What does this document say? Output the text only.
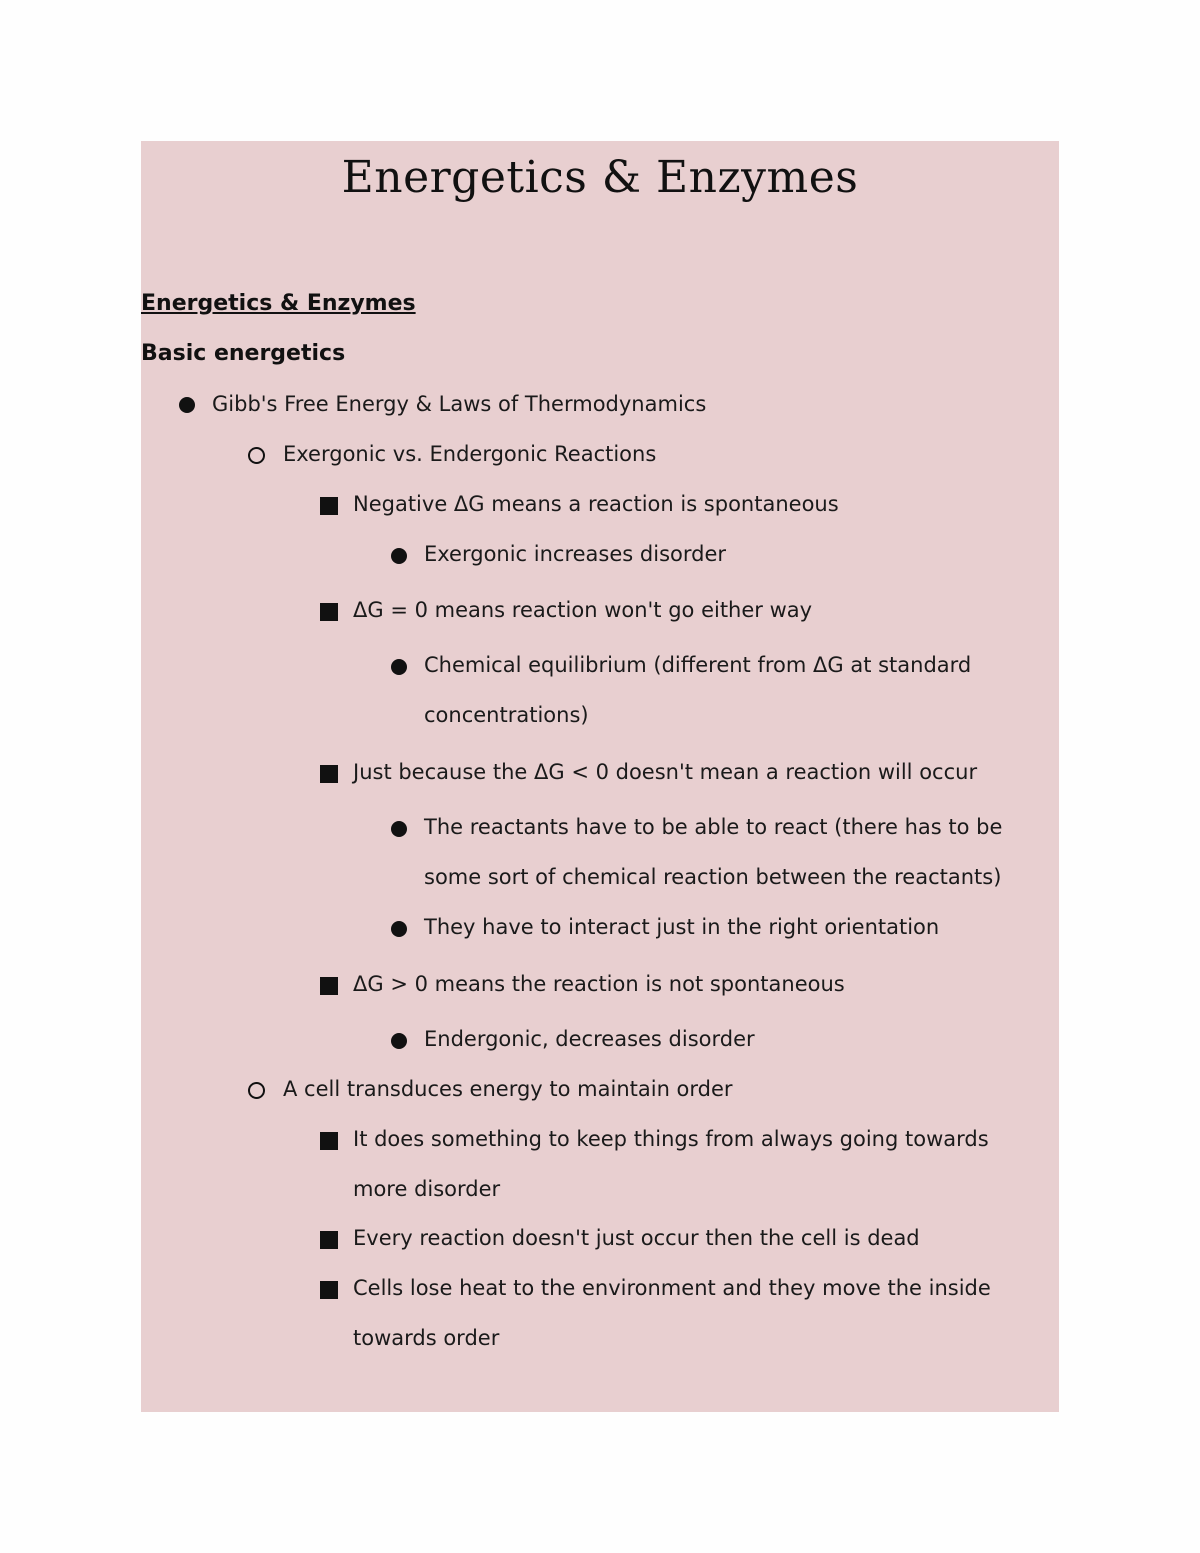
Energetics & Enzymes
Energetics & Enzymes
Basic energetics
Gibb's Free Energy & Laws of Thermodynamics
Exergonic vs. Endergonic Reactions
Negative ΔG means a reaction is spontaneous
Exergonic increases disorder
ΔG = 0 means reaction won't go either way
Chemical equilibrium (different from ΔG at standard
concentrations)
Just because the ΔG < 0 doesn't mean a reaction will occur
The reactants have to be able to react (there has to be
some sort of chemical reaction between the reactants)
They have to interact just in the right orientation
ΔG > 0 means the reaction is not spontaneous
Endergonic, decreases disorder
A cell transduces energy to maintain order
It does something to keep things from always going towards
more disorder
Every reaction doesn't just occur then the cell is dead
Cells lose heat to the environment and they move the inside
towards order
